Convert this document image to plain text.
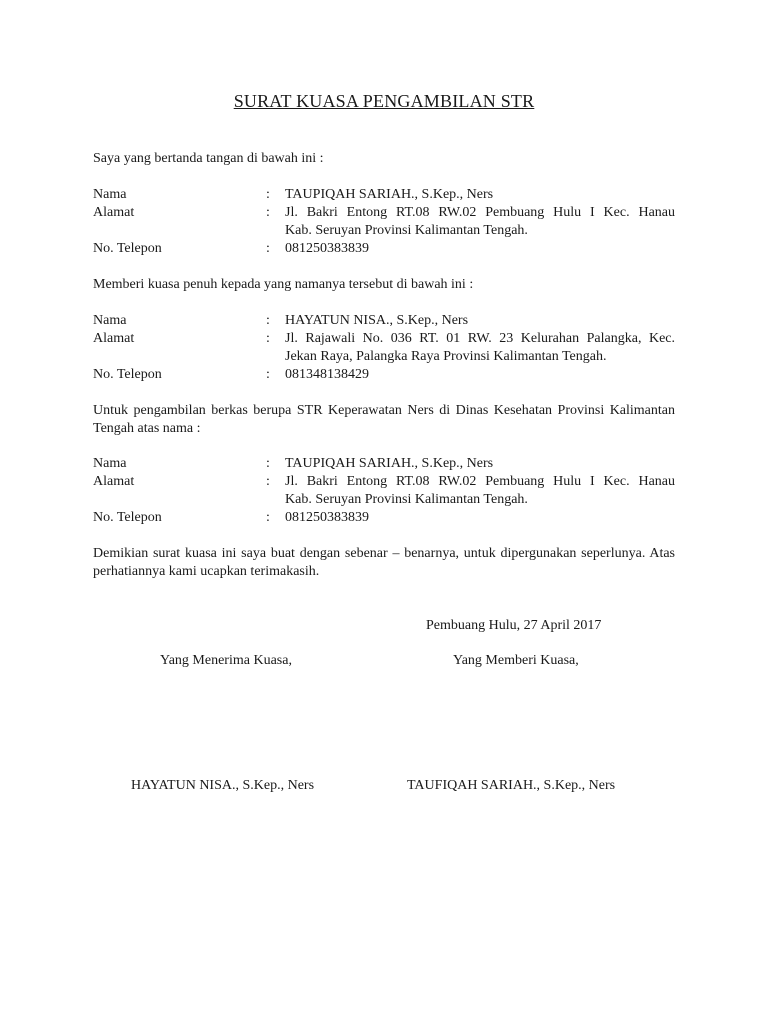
SURAT KUASA PENGAMBILAN STR

Saya yang bertanda tangan di bawah ini :

Nama	: TAUPIQAH SARIAH., S.Kep., Ners
Alamat	: Jl. Bakri Entong RT.08 RW.02 Pembuang Hulu I Kec. Hanau
Kab. Seruyan Provinsi Kalimantan Tengah.
No. Telepon	: 081250383839

Memberi kuasa penuh kepada yang namanya tersebut di bawah ini :

Nama	: HAYATUN NISA., S.Kep., Ners
Alamat	: Jl. Rajawali No. 036 RT. 01 RW. 23 Kelurahan Palangka, Kec.
Jekan Raya, Palangka Raya Provinsi Kalimantan Tengah.
No. Telepon	: 081348138429

Untuk pengambilan berkas berupa STR Keperawatan Ners di Dinas Kesehatan Provinsi Kalimantan Tengah atas nama :

Nama	: TAUPIQAH SARIAH., S.Kep., Ners
Alamat	: Jl. Bakri Entong RT.08 RW.02 Pembuang Hulu I Kec. Hanau
Kab. Seruyan Provinsi Kalimantan Tengah.
No. Telepon	: 081250383839

Demikian surat kuasa ini saya buat dengan sebenar – benarnya, untuk dipergunakan seperlunya. Atas perhatiannya kami ucapkan terimakasih.

Pembuang Hulu, 27 April 2017
Yang Menerima Kuasa,	Yang Memberi Kuasa,
HAYATUN NISA., S.Kep., Ners	TAUFIQAH SARIAH., S.Kep., Ners
